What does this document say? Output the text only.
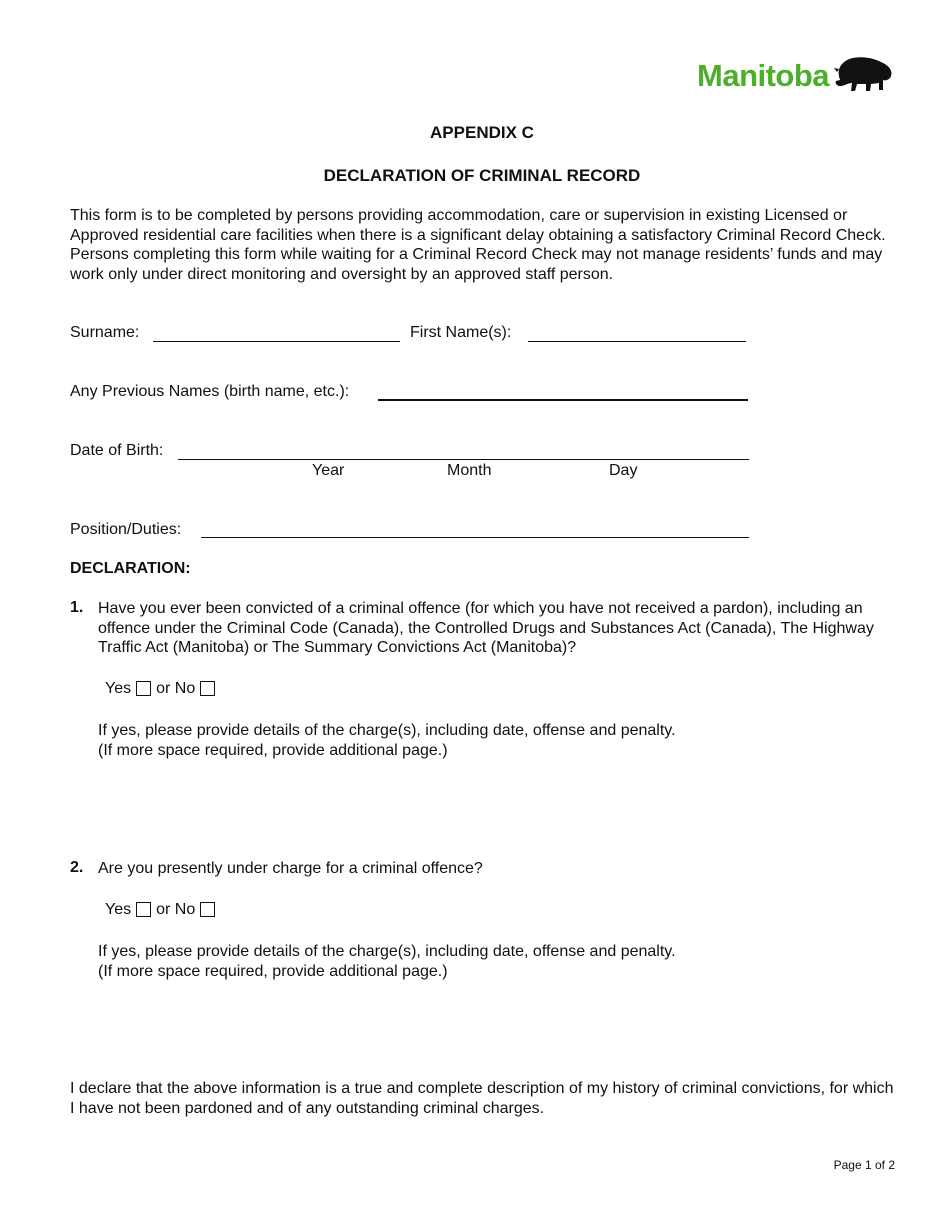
Manitoba
APPENDIX C
DECLARATION OF CRIMINAL RECORD
This form is to be completed by persons providing accommodation, care or supervision in existing Licensed or Approved residential care facilities when there is a significant delay obtaining a satisfactory Criminal Record Check. Persons completing this form while waiting for a Criminal Record Check may not manage residents’ funds and may work only under direct monitoring and oversight by an approved staff person.
Surname:	First Name(s):
Any Previous Names (birth name, etc.):
Date of Birth:
Year	Month	Day
Position/Duties:
DECLARATION:
1. Have you ever been convicted of a criminal offence (for which you have not received a pardon), including an offence under the Criminal Code (Canada), the Controlled Drugs and Substances Act (Canada), The Highway Traffic Act (Manitoba) or The Summary Convictions Act (Manitoba)?
Yes or No
If yes, please provide details of the charge(s), including date, offense and penalty.
(If more space required, provide additional page.)
2. Are you presently under charge for a criminal offence?
Yes or No
If yes, please provide details of the charge(s), including date, offense and penalty.
(If more space required, provide additional page.)
I declare that the above information is a true and complete description of my history of criminal convictions, for which I have not been pardoned and of any outstanding criminal charges.
Page 1 of 2
